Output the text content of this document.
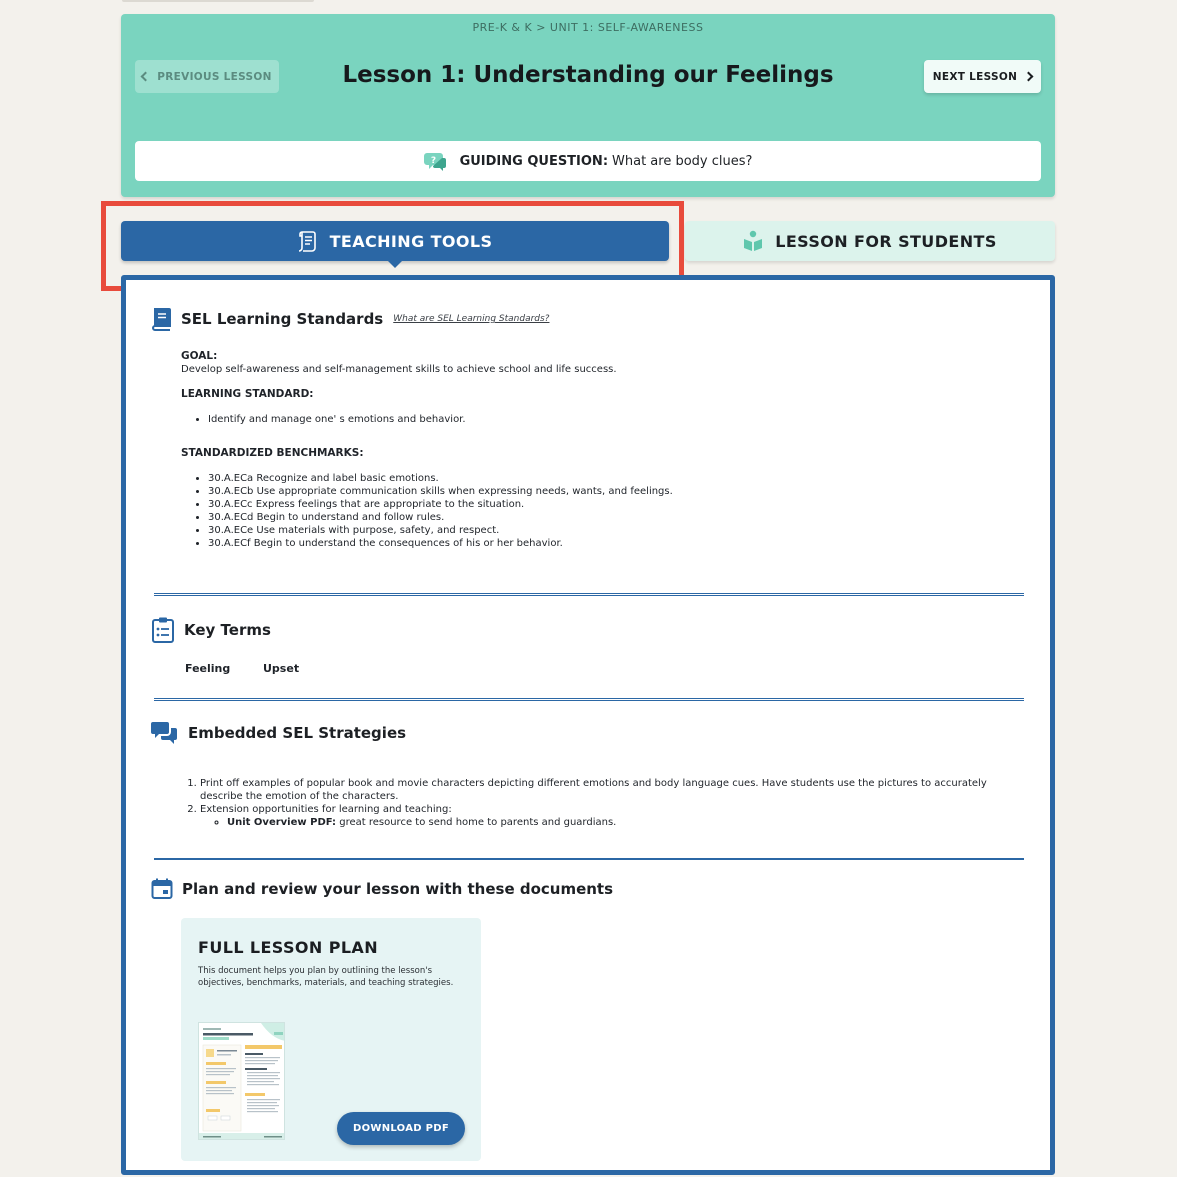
PRE-K & K > UNIT 1: SELF-AWARENESS
PREVIOUS LESSON	Lesson 1: Understanding our Feelings	NEXT LESSON
? GUIDING QUESTION: What are body clues?
TEACHING TOOLS	LESSON FOR STUDENTS
SEL Learning Standards What are SEL Learning Standards?
GOAL:
Develop self-awareness and self-management skills to achieve school and life success.
LEARNING STANDARD:
• Identify and manage one' s emotions and behavior.
STANDARDIZED BENCHMARKS:
• 30.A.ECa Recognize and label basic emotions.
• 30.A.ECb Use appropriate communication skills when expressing needs, wants, and feelings.
• 30.A.ECc Express feelings that are appropriate to the situation.
• 30.A.ECd Begin to understand and follow rules.
• 30.A.ECe Use materials with purpose, safety, and respect.
• 30.A.ECf Begin to understand the consequences of his or her behavior.
Key Terms
Feeling	Upset
Embedded SEL Strategies
1. Print off examples of popular book and movie characters depicting different emotions and body language cues. Have students use the pictures to accurately describe the emotion of the characters.
2. Extension opportunities for learning and teaching:
◦ Unit Overview PDF: great resource to send home to parents and guardians.
Plan and review your lesson with these documents
FULL LESSON PLAN
This document helps you plan by outlining the lesson's objectives, benchmarks, materials, and teaching strategies.
DOWNLOAD PDF
